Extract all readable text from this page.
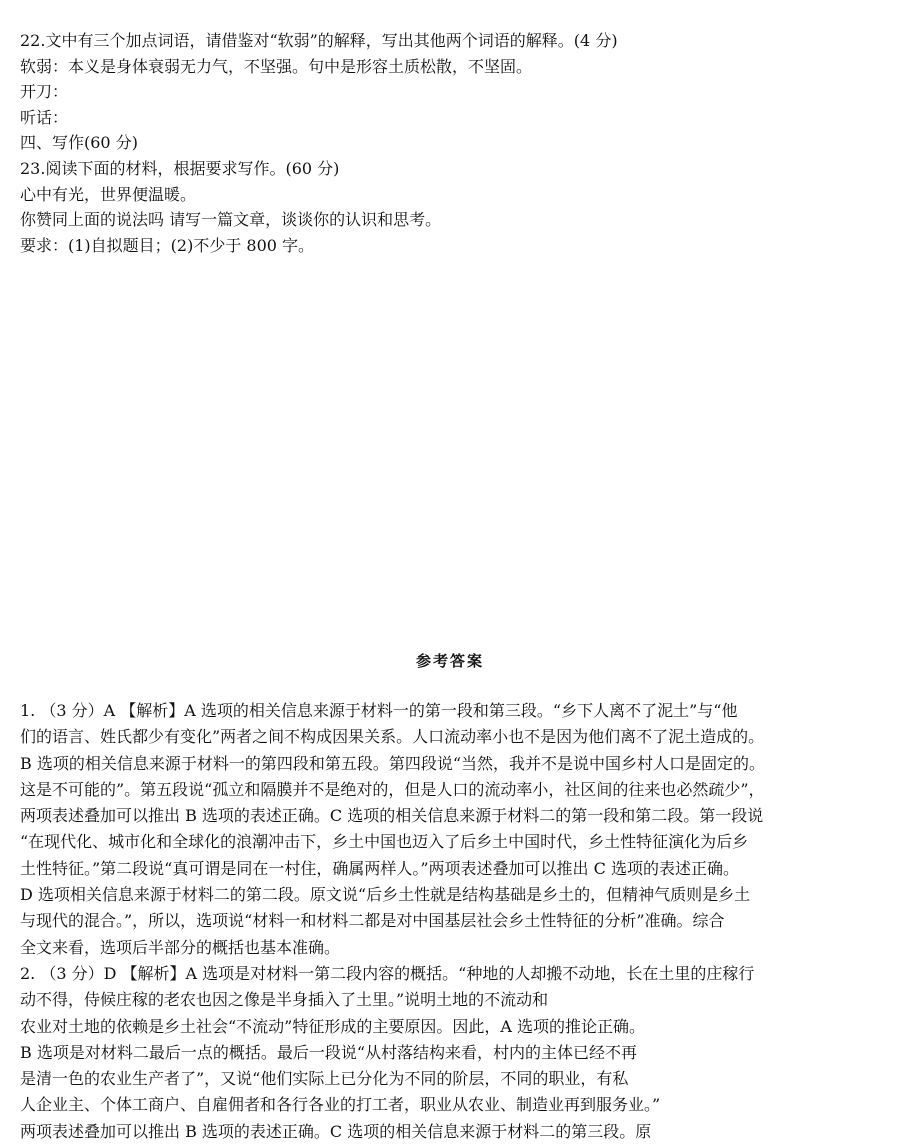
22.文中有三个加点词语，请借鉴对“软弱”的解释，写出其他两个词语的解释。(4 分)
软弱：本义是身体衰弱无力气，不坚强。句中是形容土质松散，不坚固。
开刀：
听话：
四、写作(60 分)
23.阅读下面的材料，根据要求写作。(60 分)
心中有光，世界便温暖。
你赞同上面的说法吗 请写一篇文章，谈谈你的认识和思考。
要求：(1)自拟题目；(2)不少于 800 字。
参考答案
1. （3 分）A 【解析】A 选项的相关信息来源于材料一的第一段和第三段。“乡下人离不了泥土”与“他
们的语言、姓氏都少有变化”两者之间不构成因果关系。人口流动率小也不是因为他们离不了泥土造成的。
B 选项的相关信息来源于材料一的第四段和第五段。第四段说“当然，我并不是说中国乡村人口是固定的。
这是不可能的”。第五段说“孤立和隔膜并不是绝对的，但是人口的流动率小，社区间的往来也必然疏少”，
两项表述叠加可以推出 B 选项的表述正确。C 选项的相关信息来源于材料二的第一段和第二段。第一段说
“在现代化、城市化和全球化的浪潮冲击下，乡土中国也迈入了后乡土中国时代，乡土性特征演化为后乡
土性特征。”第二段说“真可谓是同在一村住，确属两样人。”两项表述叠加可以推出 C 选项的表述正确。
D 选项相关信息来源于材料二的第二段。原文说“后乡土性就是结构基础是乡土的，但精神气质则是乡土
与现代的混合。”，所以，选项说“材料一和材料二都是对中国基层社会乡土性特征的分析”准确。综合
全文来看，选项后半部分的概括也基本准确。
2. （3 分）D 【解析】A 选项是对材料一第二段内容的概括。“种地的人却搬不动地，长在土里的庄稼行
动不得，侍候庄稼的老农也因之像是半身插入了土里。”说明土地的不流动和
农业对土地的依赖是乡土社会“不流动”特征形成的主要原因。因此，A 选项的推论正确。
B 选项是对材料二最后一点的概括。最后一段说“从村落结构来看，村内的主体已经不再
是清一色的农业生产者了”，又说“他们实际上已分化为不同的阶层，不同的职业，有私
人企业主、个体工商户、自雇佣者和各行各业的打工者，职业从农业、制造业再到服务业。”
两项表述叠加可以推出 B 选项的表述正确。C 选项的相关信息来源于材料二的第三段。原
